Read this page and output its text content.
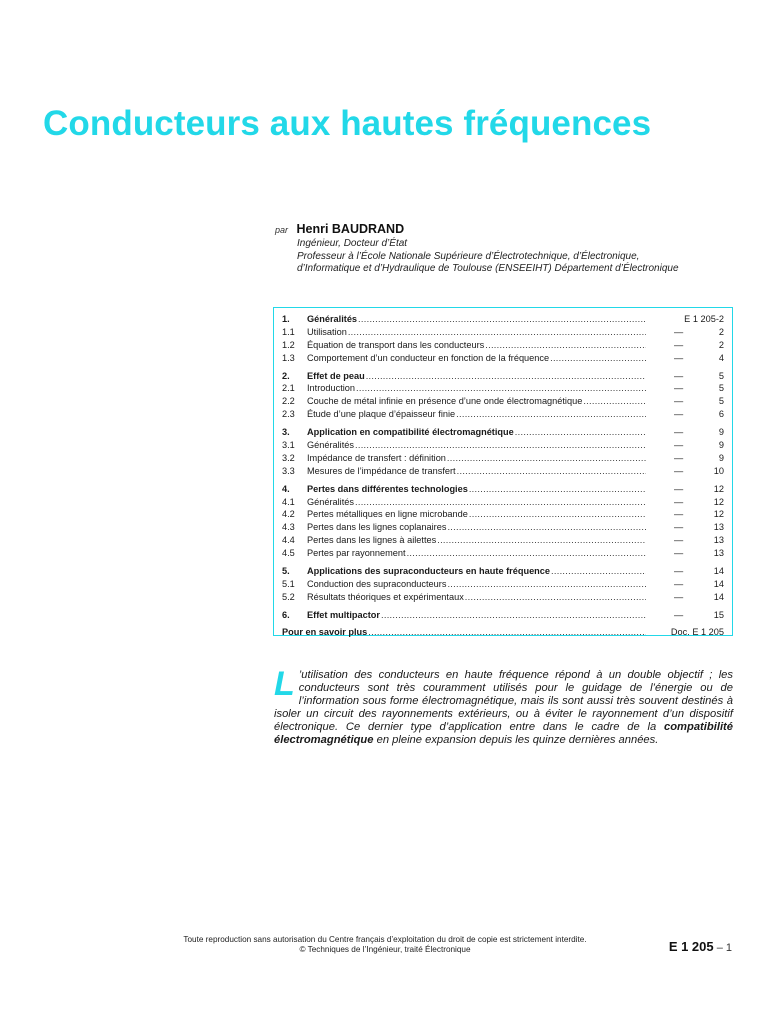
Conducteurs aux hautes fréquences
par Henri BAUDRAND
Ingénieur, Docteur d’État
Professeur à l’École Nationale Supérieure d’Électrotechnique, d’Électronique,
d’Informatique et d’Hydraulique de Toulouse (ENSEEIHT) Département d’Électronique
1.	Généralités .....	E 1 205 - 2
1.1	Utilisation .....	—	2
1.2	Équation de transport dans les conducteurs .....	—	2
1.3	Comportement d’un conducteur en fonction de la fréquence .....	—	4
2.	Effet de peau .....	—	5
2.1	Introduction .....	—	5
2.2	Couche de métal infinie en présence d’une onde électromagnétique .....	—	5
2.3	Étude d’une plaque d’épaisseur finie .....	—	6
3.	Application en compatibilité électromagnétique .....	—	9
3.1	Généralités .....	—	9
3.2	Impédance de transfert : définition .....	—	9
3.3	Mesures de l’impédance de transfert .....	—	10
4.	Pertes dans différentes technologies .....	—	12
4.1	Généralités .....	—	12
4.2	Pertes métalliques en ligne microbande .....	—	12
4.3	Pertes dans les lignes coplanaires .....	—	13
4.4	Pertes dans les lignes à ailettes .....	—	13
4.5	Pertes par rayonnement .....	—	13
5.	Applications des supraconducteurs en haute fréquence .....	—	14
5.1	Conduction des supraconducteurs .....	—	14
5.2	Résultats théoriques et expérimentaux .....	—	14
6.	Effet multipactor .....	—	15
Pour en savoir plus .....	Doc. E 1 205
L ’utilisation des conducteurs en haute fréquence répond à un double objectif ; les conducteurs sont très couramment utilisés pour le guidage de l’énergie ou de l’information sous forme électromagnétique, mais ils sont aussi très souvent destinés à isoler un circuit des rayonnements extérieurs, ou à éviter le rayonnement d’un dispositif électronique. Ce dernier type d’application entre dans le cadre de la compatibilité électromagnétique en pleine expansion depuis les quinze dernières années.
Toute reproduction sans autorisation du Centre français d’exploitation du droit de copie est strictement interdite.
© Techniques de l’Ingénieur, traité Électronique	E 1 205 – 1
